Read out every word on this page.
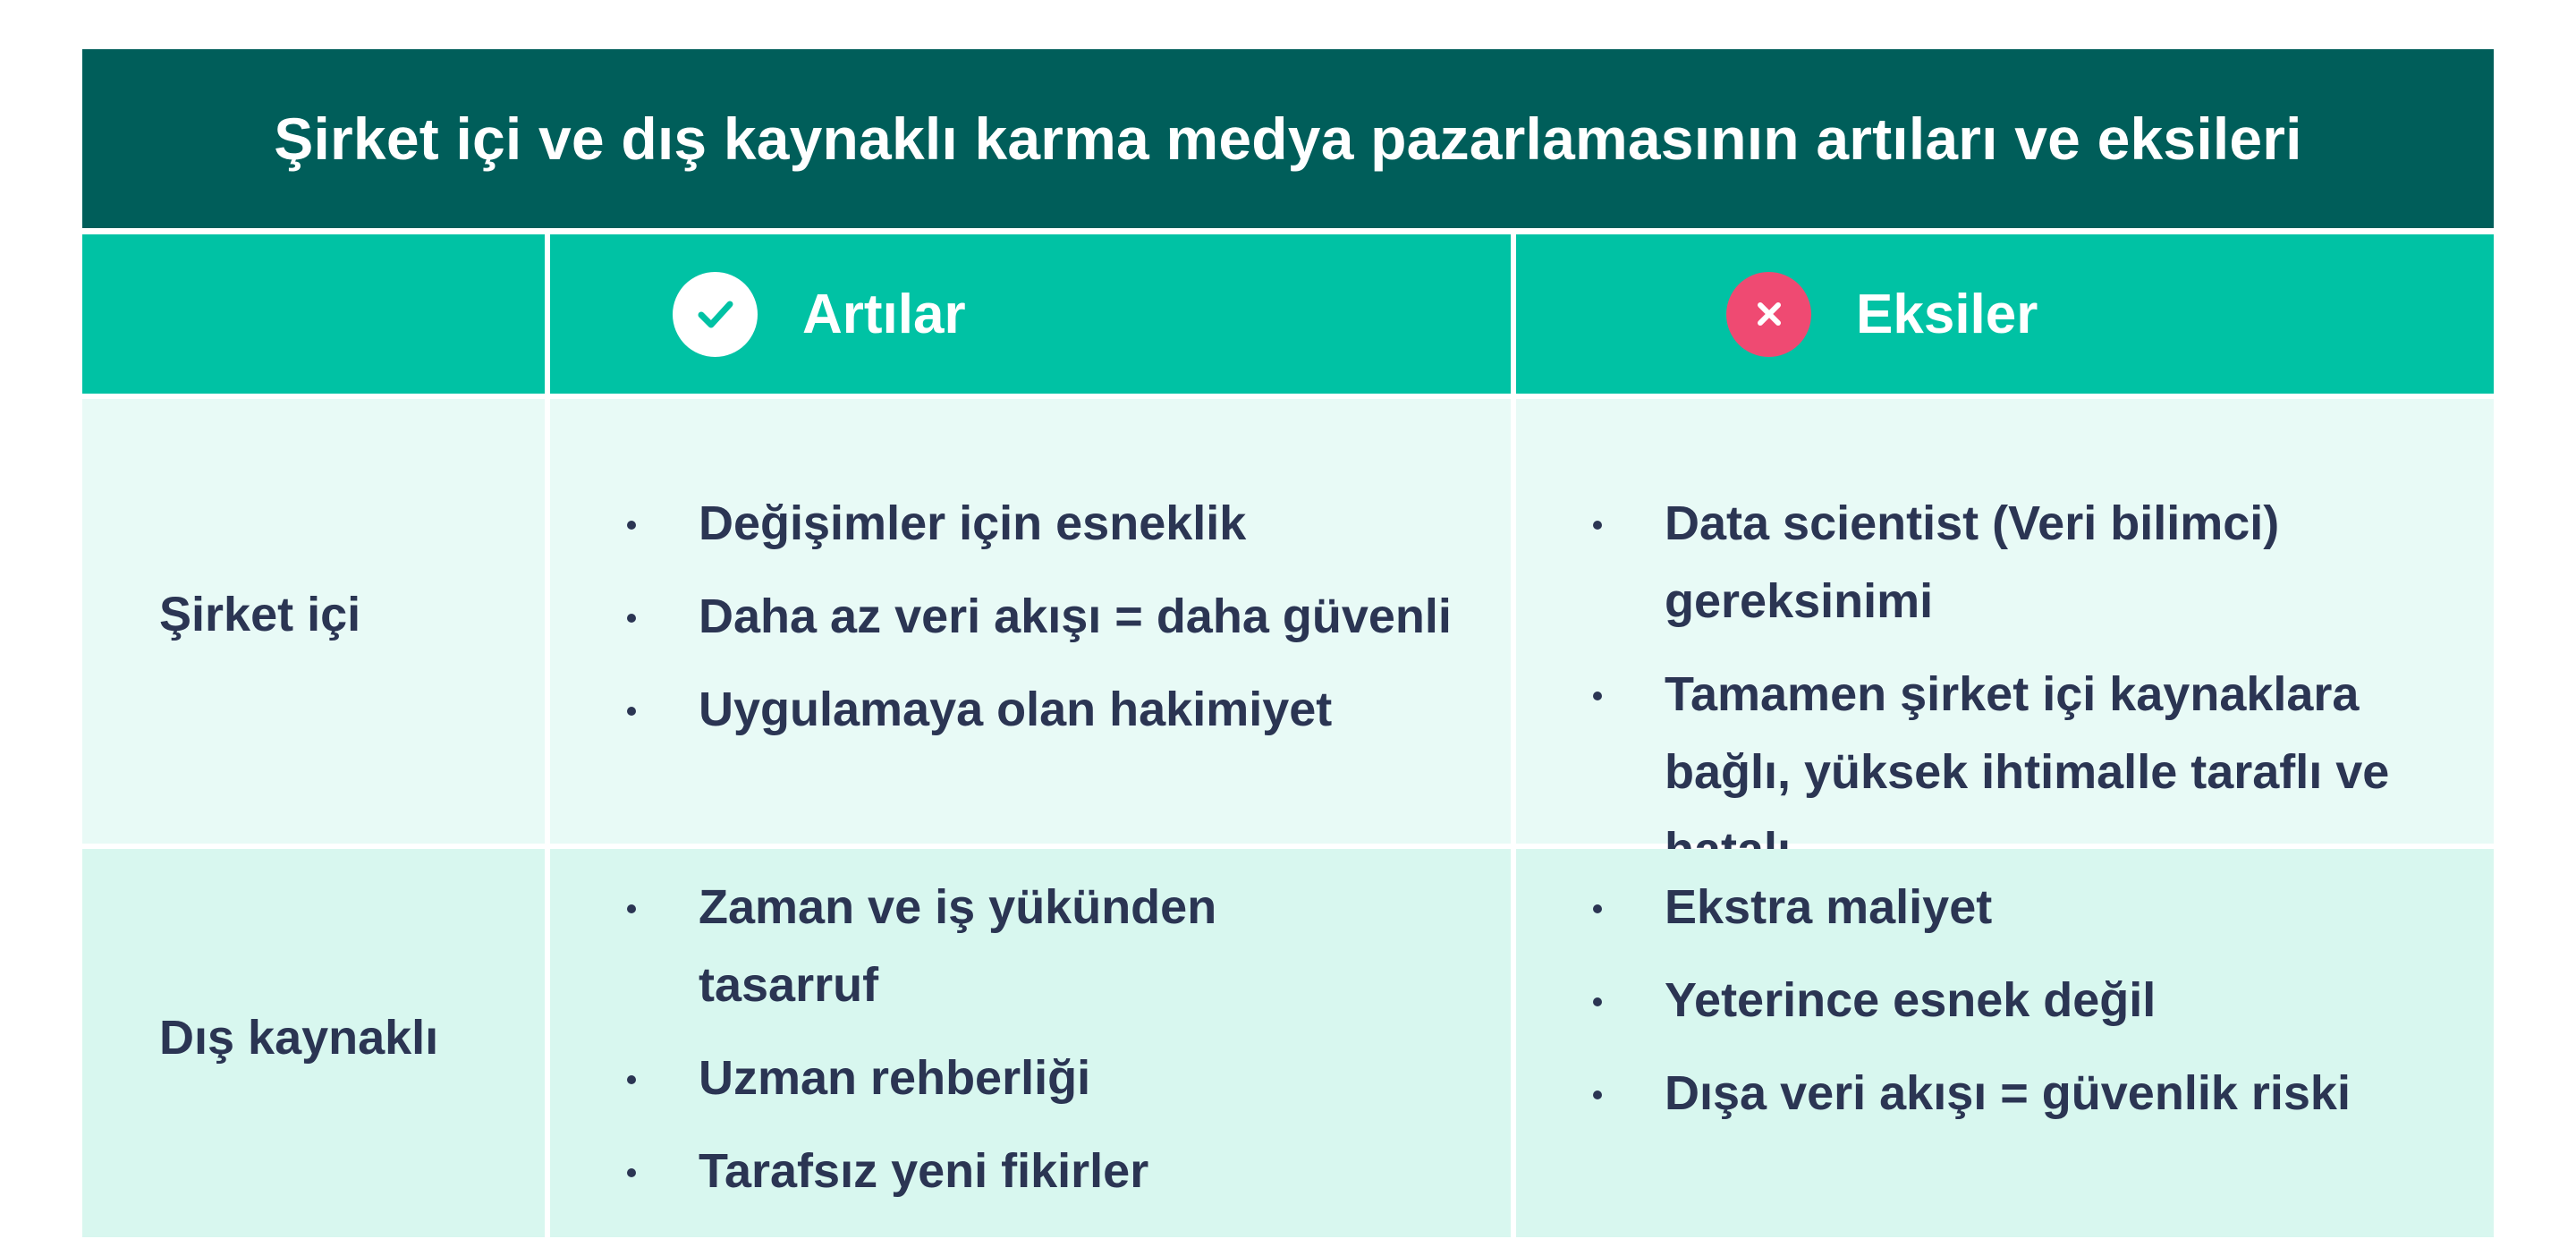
Şirket içi ve dış kaynaklı karma medya pazarlamasının artıları ve eksileri
Artılar	Eksiler
Şirket içi
Değişimler için esneklik
Daha az veri akışı = daha güvenli
Uygulamaya olan hakimiyet
Data scientist (Veri bilimci) gereksinimi
Tamamen şirket içi kaynaklara bağlı, yüksek ihtimalle taraflı ve
Dış kaynaklı
Zaman ve iş yükünden tasarruf
Uzman rehberliği
Tarafsız yeni fikirler
Ekstra maliyet
Yeterince esnek değil
Dışa veri akışı = güvenlik riski
